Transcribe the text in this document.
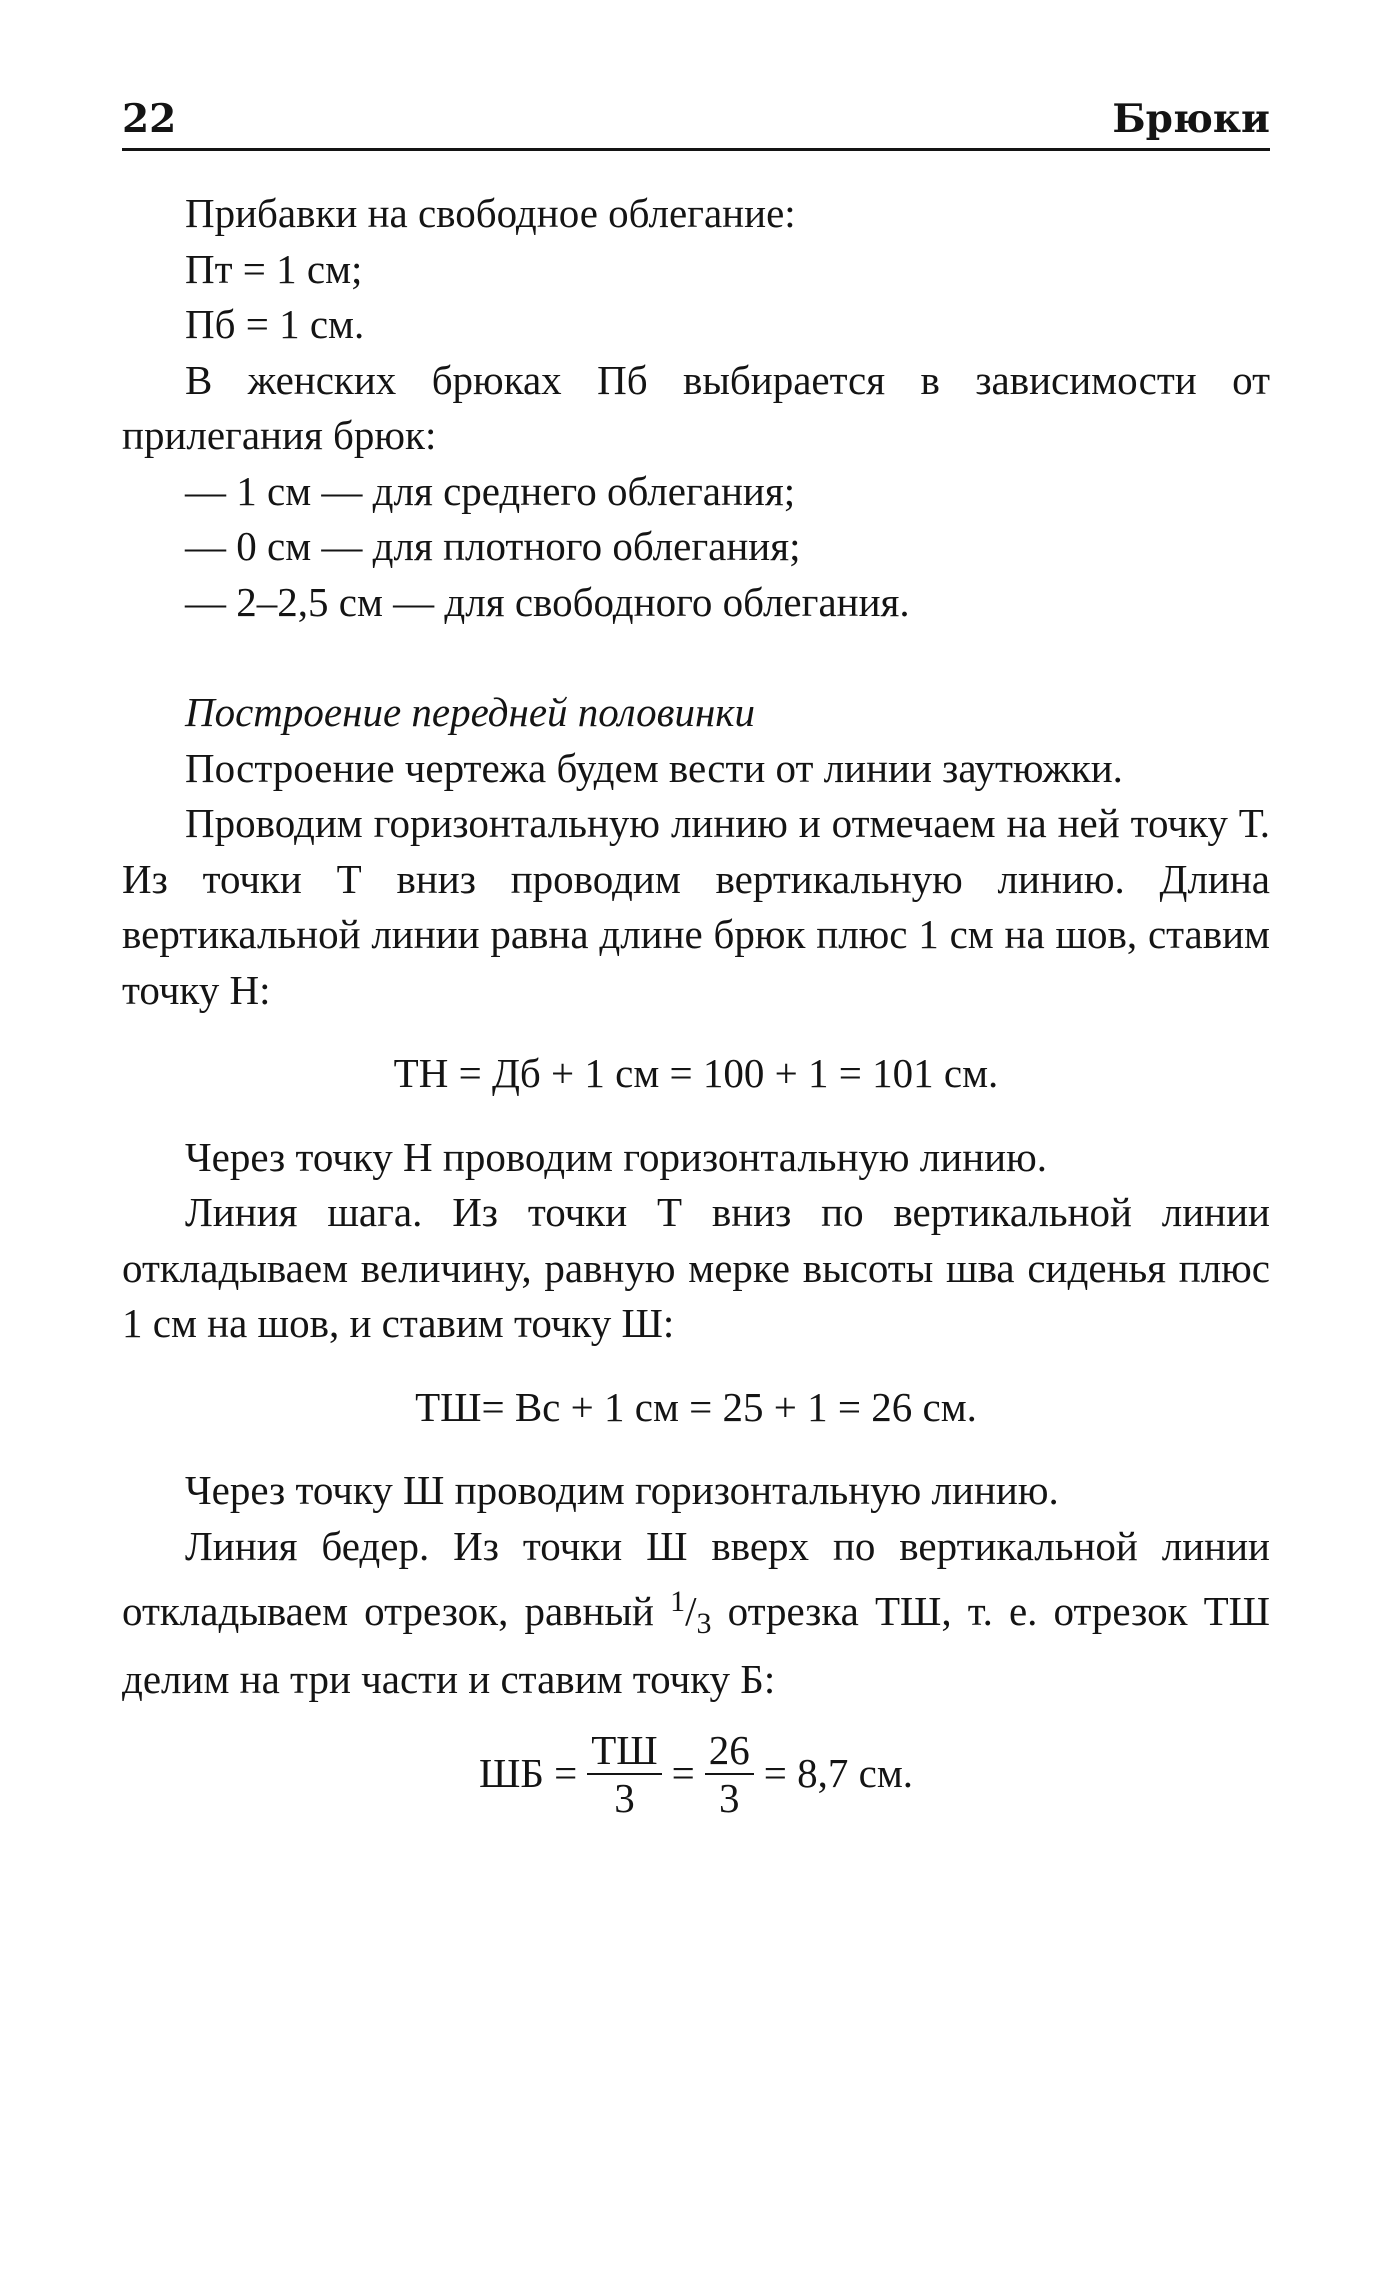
22	Брюки
Прибавки на свободное облегание:
Пт = 1 см;
Пб = 1 см.

В женских брюках Пб выбирается в зависимости от прилегания брюк:

— 1 см — для среднего облегания;
— 0 см — для плотного облегания;
— 2–2,5 см — для свободного облегания.

Построение передней половинки

Построение чертежа будем вести от линии заутюжки.

Проводим горизонтальную линию и отмечаем на ней точку Т. Из точки Т вниз проводим вертикальную линию. Длина вертикальной линии равна длине брюк плюс 1 см на шов, ставим точку Н:

ТН = Дб + 1 см = 100 + 1 = 101 см.

Через точку Н проводим горизонтальную линию.

Линия шага. Из точки Т вниз по вертикальной линии откладываем величину, равную мерке высоты шва сиденья плюс 1 см на шов, и ставим точку Ш:

ТШ= Вс + 1 см = 25 + 1 = 26 см.

Через точку Ш проводим горизонтальную линию.

Линия бедер. Из точки Ш вверх по вертикальной линии откладываем отрезок, равный $^1/_3$ отрезка ТШ, т. е. отрезок ТШ делим на три части и ставим точку Б:

ШБ = $\frac{ТШ}{3} = \frac{26}{3} = 8,7$ см.
